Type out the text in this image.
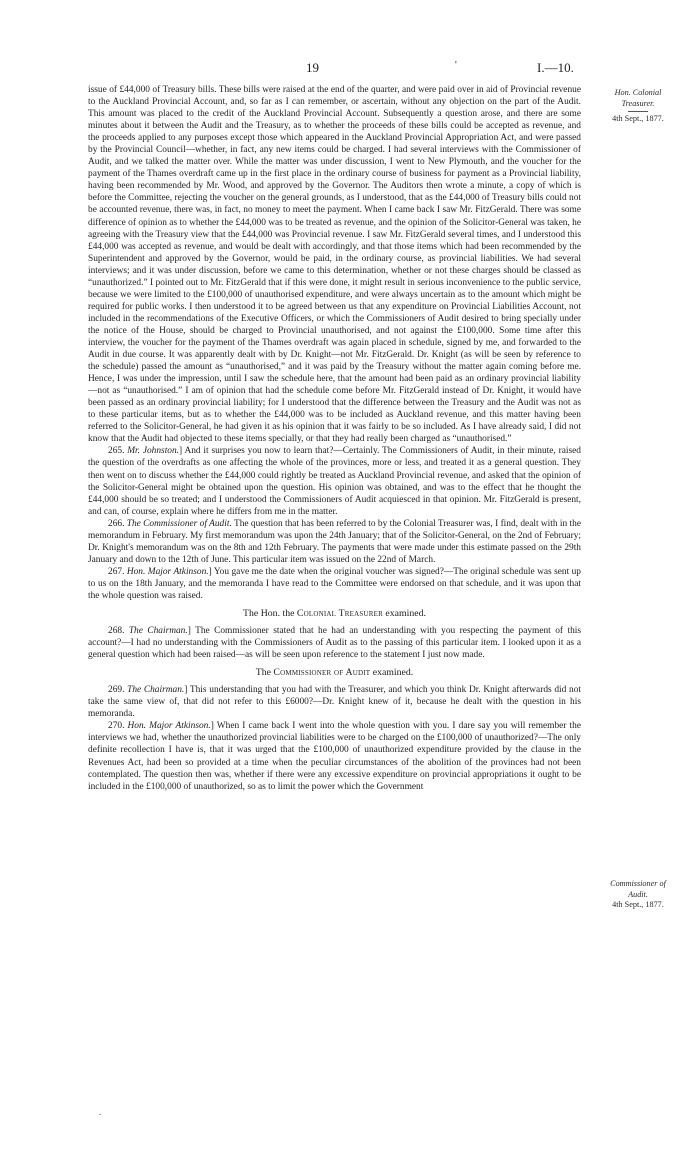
19	'	I.—10.
Hon. Colonial
Treasurer.
4th Sept., 1877.
Commissioner of
Audit.
4th Sept., 1877.

issue of £44,000 of Treasury bills. These bills were raised at the end of the quarter, and were paid over in aid of Provincial revenue to the Auckland Provincial Account, and, so far as I can remember, or ascertain, without any objection on the part of the Audit. This amount was placed to the credit of the Auckland Provincial Account. Subsequently a question arose, and there are some minutes about it between the Audit and the Treasury, as to whether the proceeds of these bills could be accepted as revenue, and the proceeds applied to any purposes except those which appeared in the Auckland Provincial Appropriation Act, and were passed by the Provincial Council—whether, in fact, any new items could be charged. I had several interviews with the Commissioner of Audit, and we talked the matter over. While the matter was under discussion, I went to New Plymouth, and the voucher for the payment of the Thames overdraft came up in the first place in the ordinary course of business for payment as a Provincial liability, having been recommended by Mr. Wood, and approved by the Governor. The Auditors then wrote a minute, a copy of which is before the Committee, rejecting the voucher on the general grounds, as I understood, that as the £44,000 of Treasury bills could not be accounted revenue, there was, in fact, no money to meet the payment. When I came back I saw Mr. FitzGerald. There was some difference of opinion as to whether the £44,000 was to be treated as revenue, and the opinion of the Solicitor-General was taken, he agreeing with the Treasury view that the £44,000 was Provincial revenue. I saw Mr. FitzGerald several times, and I understood this £44,000 was accepted as revenue, and would be dealt with accordingly, and that those items which had been recommended by the Superintendent and approved by the Governor, would be paid, in the ordinary course, as provincial liabilities. We had several interviews; and it was under discussion, before we came to this determination, whether or not these charges should be classed as “unauthorized.” I pointed out to Mr. FitzGerald that if this were done, it might result in serious inconvenience to the public service, because we were limited to the £100,000 of unauthorised expenditure, and were always uncertain as to the amount which might be required for public works. I then understood it to be agreed between us that any expenditure on Provincial Liabilities Account, not included in the recommendations of the Executive Officers, or which the Commissioners of Audit desired to bring specially under the notice of the House, should be charged to Provincial unauthorised, and not against the £100,000. Some time after this interview, the voucher for the payment of the Thames overdraft was again placed in schedule, signed by me, and forwarded to the Audit in due course. It was apparently dealt with by Dr. Knight—not Mr. FitzGerald. Dr. Knight (as will be seen by reference to the schedule) passed the amount as “unauthorised,” and it was paid by the Treasury without the matter again coming before me. Hence, I was under the impression, until I saw the schedule here, that the amount had been paid as an ordinary provincial liability—not as “unauthorised.” I am of opinion that had the schedule come before Mr. FitzGerald instead of Dr. Knight, it would have been passed as an ordinary provincial liability; for I understood that the difference between the Treasury and the Audit was not as to these particular items, but as to whether the £44,000 was to be included as Auckland revenue, and this matter having been referred to the Solicitor-General, he had given it as his opinion that it was fairly to be so included. As I have already said, I did not know that the Audit had objected to these items specially, or that they had really been charged as “unauthorised.”

265. Mr. Johnston.] And it surprises you now to learn that?—Certainly. The Commissioners of Audit, in their minute, raised the question of the overdrafts as one affecting the whole of the provinces, more or less, and treated it as a general question. They then went on to discuss whether the £44,000 could rightly be treated as Auckland Provincial revenue, and asked that the opinion of the Solicitor-General might be obtained upon the question. His opinion was obtained, and was to the effect that he thought the £44,000 should be so treated; and I understood the Commissioners of Audit acquiesced in that opinion. Mr. FitzGerald is present, and can, of course, explain where he differs from me in the matter.

266. The Commissioner of Audit. The question that has been referred to by the Colonial Treasurer was, I find, dealt with in the memorandum in February. My first memorandum was upon the 24th January; that of the Solicitor-General, on the 2nd of February; Dr. Knight's memorandum was on the 8th and 12th February. The payments that were made under this estimate passed on the 29th January and down to the 12th of June. This particular item was issued on the 22nd of March.

267. Hon. Major Atkinson.] You gave me the date when the original voucher was signed?—The original schedule was sent up to us on the 18th January, and the memoranda I have read to the Committee were endorsed on that schedule, and it was upon that the whole question was raised.

The Hon. the Colonial Treasurer examined.

268. The Chairman.] The Commissioner stated that he had an understanding with you respecting the payment of this account?—I had no understanding with the Commissioners of Audit as to the passing of this particular item. I looked upon it as a general question which had been raised—as will be seen upon reference to the statement I just now made.

The Commissioner of Audit examined.

269. The Chairman.] This understanding that you had with the Treasurer, and which you think Dr. Knight afterwards did not take the same view of, that did not refer to this £6000?—Dr. Knight knew of it, because he dealt with the question in his memoranda.

270. Hon. Major Atkinson.] When I came back I went into the whole question with you. I dare say you will remember the interviews we had, whether the unauthorized provincial liabilities were to be charged on the £100,000 of unauthorized?—The only definite recollection I have is, that it was urged that the £100,000 of unauthorized expenditure provided by the clause in the Revenues Act, had been so provided at a time when the peculiar circumstances of the abolition of the provinces had not been contemplated. The question then was, whether if there were any excessive expenditure on provincial appropriations it ought to be included in the £100,000 of unauthorized, so as to limit the power which the Government

.
